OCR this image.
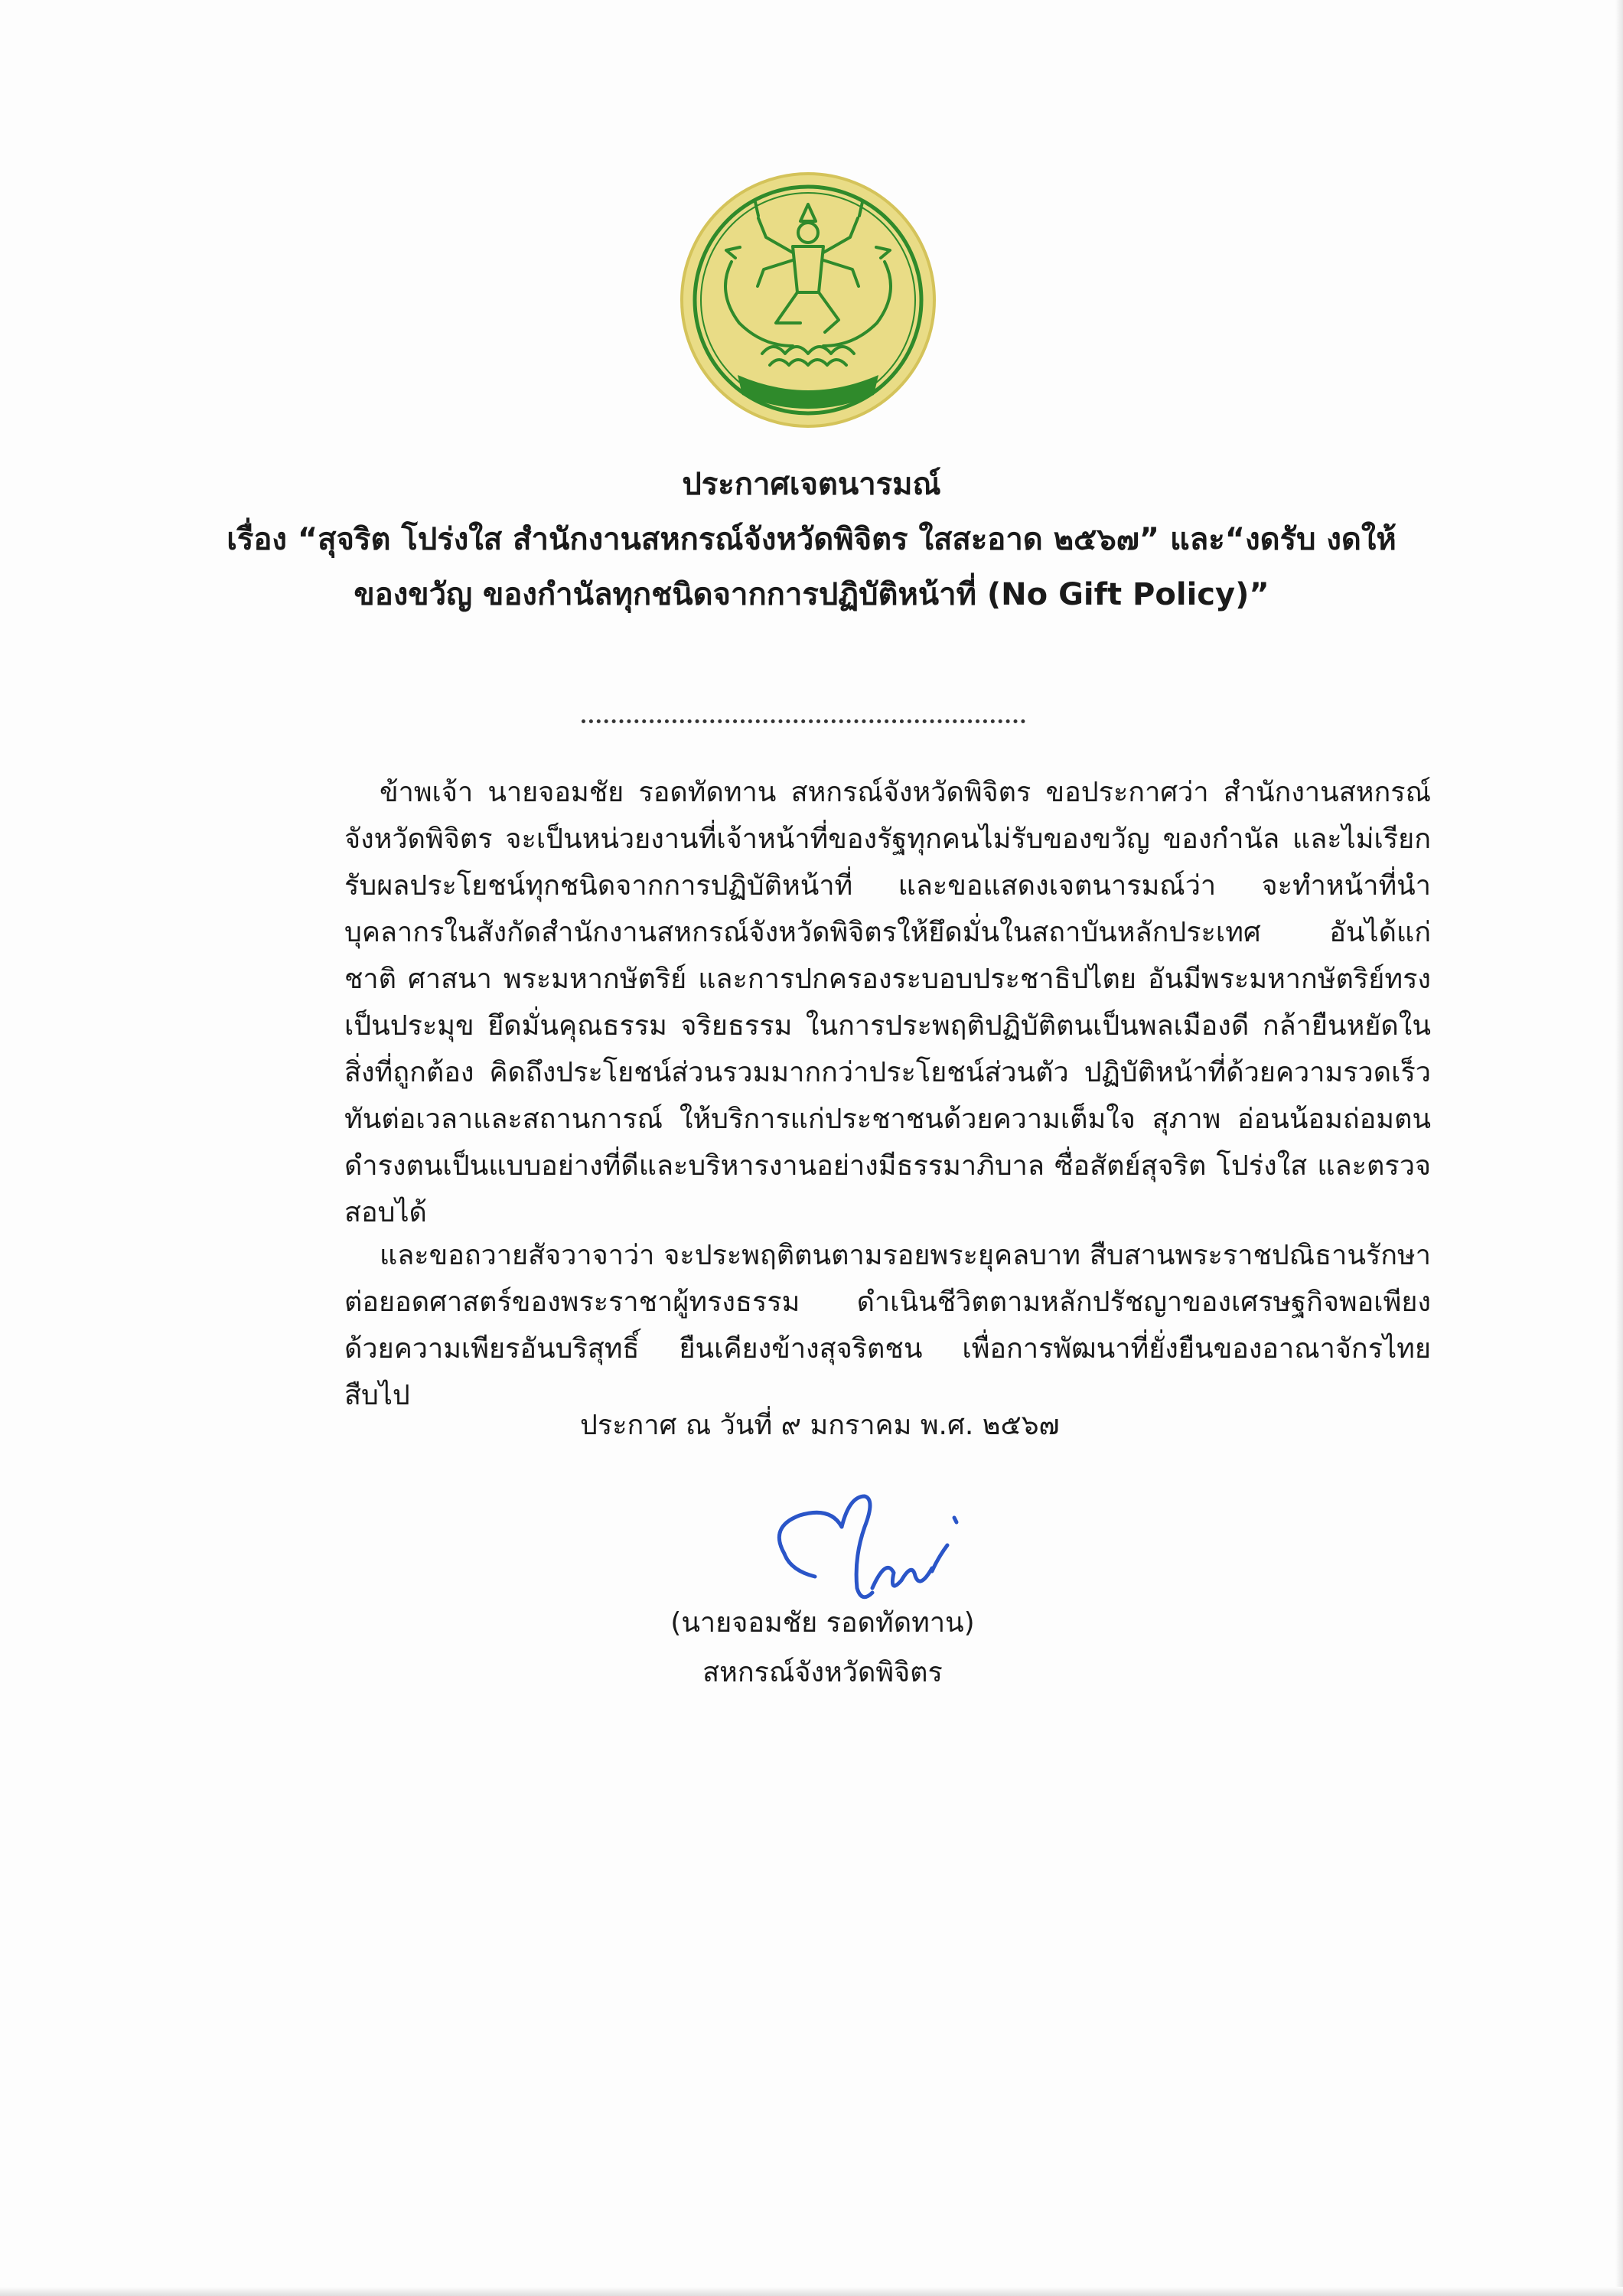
ประกาศเจตนารมณ์
เรื่อง “สุจริต โปร่งใส สำนักงานสหกรณ์จังหวัดพิจิตร ใสสะอาด ๒๕๖๗” และ“งดรับ งดให้
ของขวัญ ของกำนัลทุกชนิดจากการปฏิบัติหน้าที่ (No Gift Policy)”
ข้าพเจ้า นายจอมชัย รอดทัดทาน สหกรณ์จังหวัดพิจิตร ขอประกาศว่า สำนักงานสหกรณ์จังหวัดพิจิตร จะเป็นหน่วยงานที่เจ้าหน้าที่ของรัฐทุกคนไม่รับของขวัญ ของกำนัล และไม่เรียกรับผลประโยชน์ทุกชนิดจากการปฏิบัติหน้าที่ และขอแสดงเจตนารมณ์ว่า จะทำหน้าที่นำบุคลากรในสังกัดสำนักงานสหกรณ์จังหวัดพิจิตรให้ยึดมั่นในสถาบันหลักประเทศ อันได้แก่ ชาติ ศาสนา พระมหากษัตริย์ และการปกครองระบอบประชาธิปไตย อันมีพระมหากษัตริย์ทรงเป็นประมุข ยึดมั่นคุณธรรม จริยธรรม ในการประพฤติปฏิบัติตนเป็นพลเมืองดี กล้ายืนหยัดในสิ่งที่ถูกต้อง คิดถึงประโยชน์ส่วนรวมมากกว่าประโยชน์ส่วนตัว ปฏิบัติหน้าที่ด้วยความรวดเร็ว ทันต่อเวลาและสถานการณ์ ให้บริการแก่ประชาชนด้วยความเต็มใจ สุภาพ อ่อนน้อมถ่อมตน ดำรงตนเป็นแบบอย่างที่ดีและบริหารงานอย่างมีธรรมาภิบาล ซื่อสัตย์สุจริต โปร่งใส และตรวจสอบได้
และขอถวายสัจวาจาว่า จะประพฤติตนตามรอยพระยุคลบาท สืบสานพระราชปณิธานรักษาต่อยอดศาสตร์ของพระราชาผู้ทรงธรรม ดำเนินชีวิตตามหลักปรัชญาของเศรษฐกิจพอเพียง ด้วยความเพียรอันบริสุทธิ์ ยืนเคียงข้างสุจริตชน เพื่อการพัฒนาที่ยั่งยืนของอาณาจักรไทยสืบไป
ประกาศ ณ วันที่ ๙ มกราคม พ.ศ. ๒๕๖๗
(นายจอมชัย รอดทัดทาน)
สหกรณ์จังหวัดพิจิตร
